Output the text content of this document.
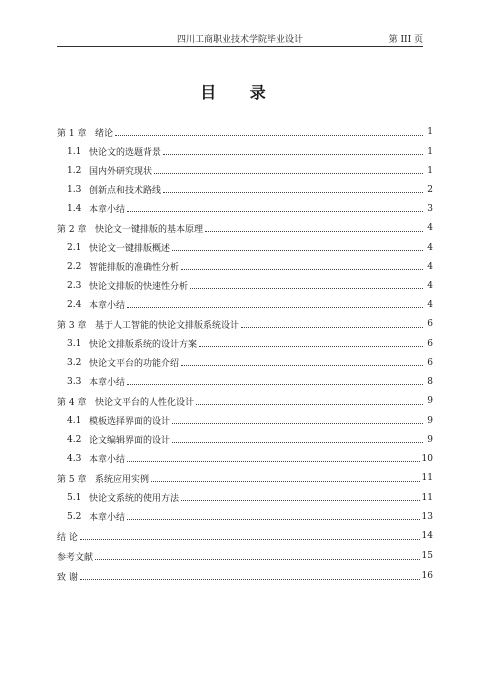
四川工商职业技术学院毕业设计	第 III 页
目 录
第 1 章 绪论	1
1.1 快论文的选题背景	1
1.2 国内外研究现状	1
1.3 创新点和技术路线	2
1.4 本章小结	3
第 2 章 快论文一键排版的基本原理	4
2.1 快论文一键排版概述	4
2.2 智能排版的准确性分析	4
2.3 快论文排版的快速性分析	4
2.4 本章小结	4
第 3 章 基于人工智能的快论文排版系统设计	6
3.1 快论文排版系统的设计方案	6
3.2 快论文平台的功能介绍	6
3.3 本章小结	8
第 4 章 快论文平台的人性化设计	9
4.1 模板选择界面的设计	9
4.2 论文编辑界面的设计	9
4.3 本章小结	10
第 5 章 系统应用实例	11
5.1 快论文系统的使用方法	11
5.2 本章小结	13
结 论	14
参考文献	15
致 谢	16
